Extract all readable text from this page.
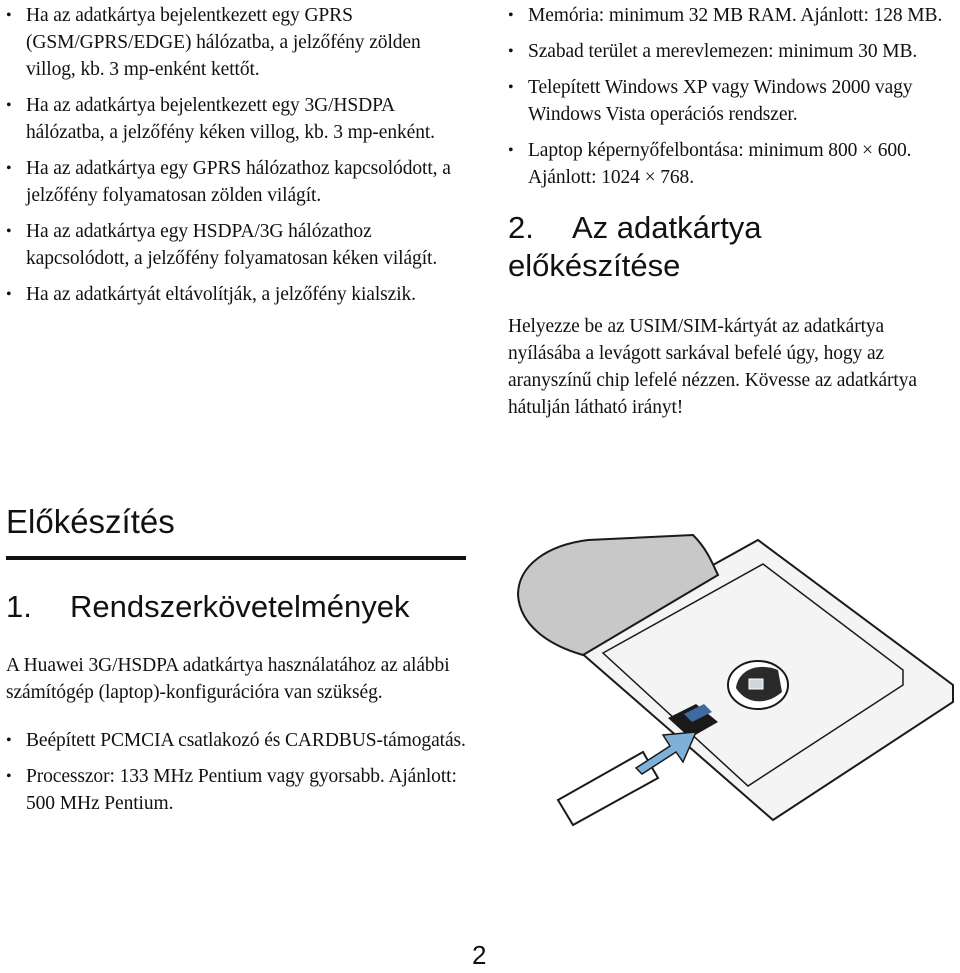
• Ha az adatkártya bejelentkezett egy GPRS (GSM/GPRS/EDGE) hálózatba, a jelzőfény zölden villog, kb. 3 mp-enként kettőt.
• Ha az adatkártya bejelentkezett egy 3G/HSDPA hálózatba, a jelzőfény kéken villog, kb. 3 mp-enként.
• Ha az adatkártya egy GPRS hálózathoz kapcsolódott, a jelzőfény folyamatosan zölden világít.
• Ha az adatkártya egy HSDPA/3G hálózathoz kapcsolódott, a jelzőfény folyamatosan kéken világít.
• Ha az adatkártyát eltávolítják, a jelzőfény kialszik.
Előkészítés
1. Rendszerkövetelmények

A Huawei 3G/HSDPA adatkártya használatához az alábbi számítógép (laptop)-konfigurációra van szükség.

• Beépített PCMCIA csatlakozó és CARDBUS-támogatás.
• Processzor: 133 MHz Pentium vagy gyorsabb. Ajánlott: 500 MHz Pentium.
• Memória: minimum 32 MB RAM. Ajánlott: 128 MB.
• Szabad terület a merevlemezen: minimum 30 MB.
• Telepített Windows XP vagy Windows 2000 vagy Windows Vista operációs rendszer.
• Laptop képernyőfelbontása: minimum 800 × 600. Ajánlott: 1024 × 768.
2. Az adatkártya
előkészítése

Helyezze be az USIM/SIM-kártyát az adatkártya nyílásába a levágott sarkával befelé úgy, hogy az aranyszínű chip lefelé nézzen. Kövesse az adatkártya hátulján látható irányt!

2
